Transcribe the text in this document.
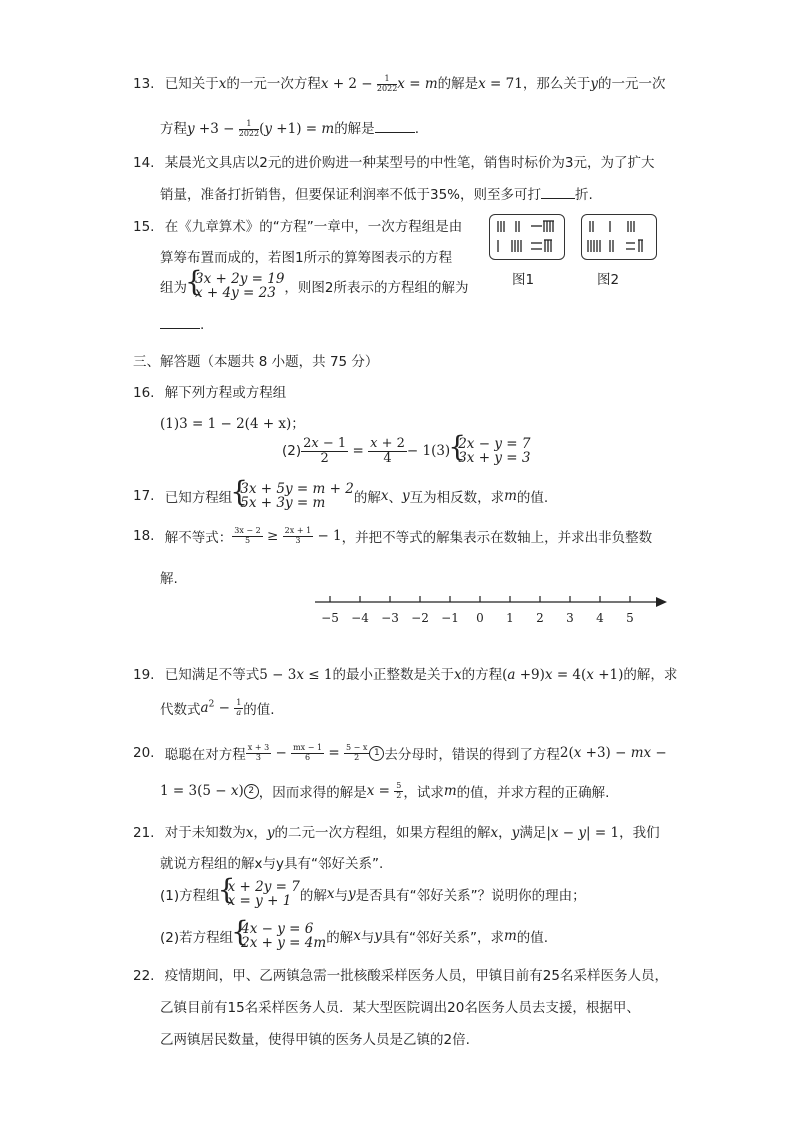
13. 已知关于x的一元一次方程$x + 2 - \frac{1}{2022}$ x = m的解是x = 71，那么关于y的一元一次
方程$y +3 - \frac{1}{2022} (y +1) = m$的解是	.
14. 某晨光文具店以2元的进价购进一种某型号的中性笔，销售时标价为3元，为了扩大
销量，准备打折销售，但要保证利润率不低于35%，则至多可打	折.
15. 在《九章算术》的“方程”一章中，一次方程组是由
算筹布置而成的，若图1所示的算筹图表示的方程
组为
{ 3x + 2y = 19
x + 4y = 23 ，则图2所表示的方程组的解为
.
图1	图2
三、解答题（本题共 8 小题，共 75 分）
16. 解下列方程或方程组
(1)3 = 1 − 2(4 + x)；
$(2) \frac{2x - 1}{2} = \frac{x + 2}{4} - 1(3)$
{ 2x − y = 7
3x + y = 3
17. 已知方程组
{ 3x + 5y = m + 2
5x + 3y = m	的解x、y互为相反数，求m的值.
18. 解不等式： $\frac{3x - 2}{5} \ge \frac{2x + 1}{3} - 1$，并把不等式的解集表示在数轴上，并求出非负整数
解.
−5 −4 −3 −2 −1 0 1 2 3 4 5
19. 已知满足不等式5 − 3x ≤ 1的最小正整数是关于x的方程(a +9)x = 4(x +1)的解，求
代数式$a^2 - \frac{1}{a}$ 的值.
20. 聪聪在对方程 $\frac{x + 3}{3} - \frac{mx - 1}{6} = \frac{5 - x}{2} 1$ 去分母时，错误的得到了方程2(x +3) − mx −
1 = 3(5 − x) 2 ，因而求得的解是$x = \frac{5}{2}$ ，试求m的值，并求方程的正确解.
21. 对于未知数为x，y的二元一次方程组，如果方程组的解x，y满足|x − y| = 1，我们
就说方程组的解x与y具有“邻好关系”.
(1)方程组
{ x + 2y = 7
x = y + 1 的解x与y是否具有“邻好关系”？说明你的理由；
(2)若方程组
{ 4x − y = 6
2x + y = 4m 的解x与y具有“邻好关系”，求m的值.
22. 疫情期间，甲、乙两镇急需一批核酸采样医务人员，甲镇目前有25名采样医务人员，
乙镇目前有15名采样医务人员．某大型医院调出20名医务人员去支援，根据甲、
乙两镇居民数量，使得甲镇的医务人员是乙镇的2倍.
